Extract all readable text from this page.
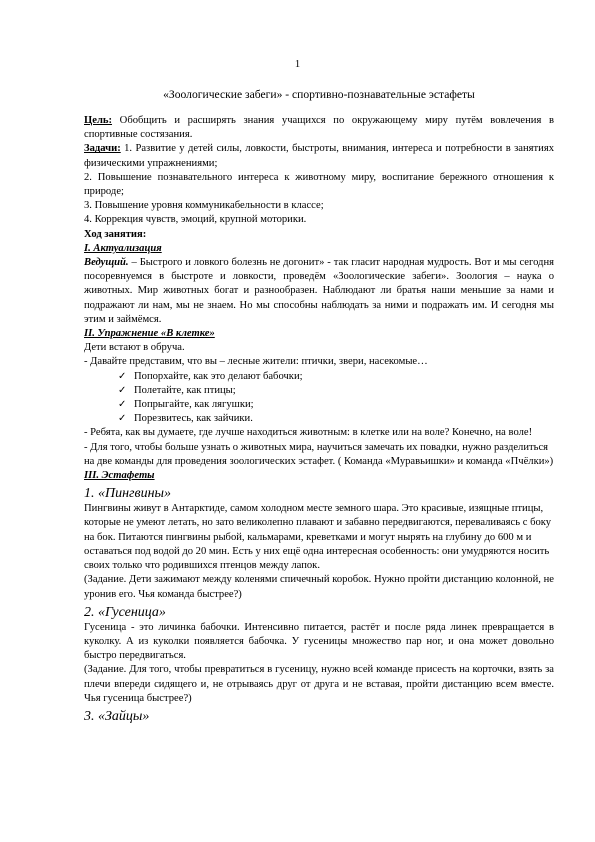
1
«Зоологические забеги» - спортивно-познавательные эстафеты

Цель: Обобщить и расширять знания учащихся по окружающему миру путём вовлечения в спортивные состязания.

Задачи: 1. Развитие у детей силы, ловкости, быстроты, внимания, интереса и потребности в занятиях физическими упражнениями;

2. Повышение познавательного интереса к животному миру, воспитание бережного отношения к природе;

3. Повышение уровня коммуникабельности в классе;

4. Коррекция чувств, эмоций, крупной моторики.

Ход занятия:

I. Актуализация

Ведущий. – Быстрого и ловкого болезнь не догонит» - так гласит народная мудрость. Вот и мы сегодня посоревнуемся в быстроте и ловкости, проведём «Зоологические забеги». Зоология – наука о животных. Мир животных богат и разнообразен. Наблюдают ли братья наши меньшие за нами и подражают ли нам, мы не знаем. Но мы способны наблюдать за ними и подражать им. И сегодня мы этим и займёмся.

II. Упражнение «В клетке»

Дети встают в обруча.

- Давайте представим, что вы – лесные жители: птички, звери, насекомые…

✓ Попорхайте, как это делают бабочки;
✓ Полетайте, как птицы;
✓ Попрыгайте, как лягушки;
✓ Порезвитесь, как зайчики.

- Ребята, как вы думаете, где лучше находиться животным: в клетке или на воле? Конечно, на воле!

- Для того, чтобы больше узнать о животных мира, научиться замечать их повадки, нужно разделиться на две команды для проведения зоологических эстафет. ( Команда «Муравьишки» и команда «Пчёлки»)

III. Эстафеты

1. «Пингвины»

Пингвины живут в Антарктиде, самом холодном месте земного шара. Это красивые, изящные птицы, которые не умеют летать, но зато великолепно плавают и забавно передвигаются, переваливаясь с боку на бок. Питаются пингвины рыбой, кальмарами, креветками и могут нырять на глубину до 600 м и оставаться под водой до 20 мин. Есть у них ещё одна интересная особенность: они умудряются носить своих только что родившихся птенцов между лапок.

(Задание. Дети зажимают между коленями спичечный коробок. Нужно пройти дистанцию колонной, не уронив его. Чья команда быстрее?)

2. «Гусеница»

Гусеница - это личинка бабочки. Интенсивно питается, растёт и после ряда линек превращается в куколку. А из куколки появляется бабочка. У гусеницы множество пар ног, и она может довольно быстро передвигаться.

(Задание. Для того, чтобы превратиться в гусеницу, нужно всей команде присесть на корточки, взять за плечи впереди сидящего и, не отрываясь друг от друга и не вставая, пройти дистанцию всем вместе. Чья гусеница быстрее?)

3. «Зайцы»
